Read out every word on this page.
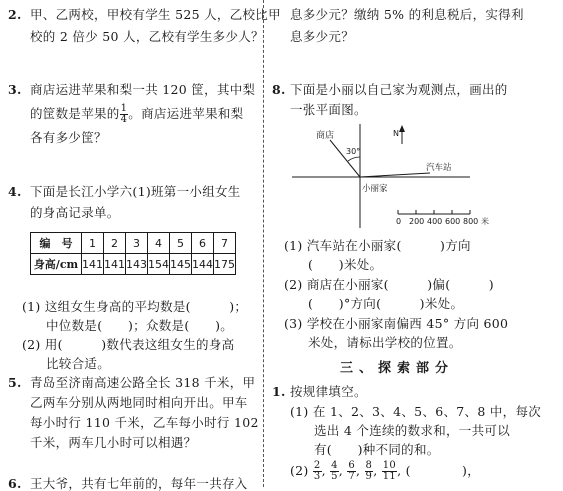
2. 甲、乙两校，甲校有学生 525 人，乙校比甲
校的 2 倍少 50 人，乙校有学生多少人？
3. 商店运进苹果和梨一共 120 筐，其中梨
的筐数是苹果的 $\frac{1}{4}$ 。商店运进苹果和梨
各有多少筐？
4. 下面是长江小学六(1)班第一小组女生
的身高记录单。
编　号	1	2	3	4	5	6	7
身高/cm	141	141	143	154	145	144	175
(1) 这组女生身高的平均数是(　　　)；
中位数是(　　)；众数是(　　)。
(2) 用(　　　)数代表这组女生的身高
比较合适。
5. 青岛至济南高速公路全长 318 千米，甲
乙两车分别从两地同时相向开出。甲车
每小时行 110 千米，乙车每小时行 102
千米，两车几小时可以相遇？
6. 王大爷，共有七年前的，每年一共存入
息多少元？缴纳 5% 的利息税后，实得利
息多少元？
8. 下面是小丽以自己家为观测点，画出的
一张平面图。
商店	N
30°
小丽家
汽车站
0 200 400 600 800 米
(1) 汽车站在小丽家(　　　)方向
(　　)米处。
(2) 商店在小丽家(　　　)偏(　　　)
(　　)°方向(　　　)米处。
(3) 学校在小丽家南偏西 45° 方向 600
米处，请标出学校的位置。
三、探索部分
1. 按规律填空。
(1) 在 1、2、3、4、5、6、7、8 中，每次
选出 4 个连续的数求和，一共可以
有(　　)种不同的和。
$(2) \frac{2}{3}$ , $\frac{4}{5}$ , $\frac{6}{7}$ , $\frac{8}{9}$ , $\frac{10}{11}$ , (　　　　)，
